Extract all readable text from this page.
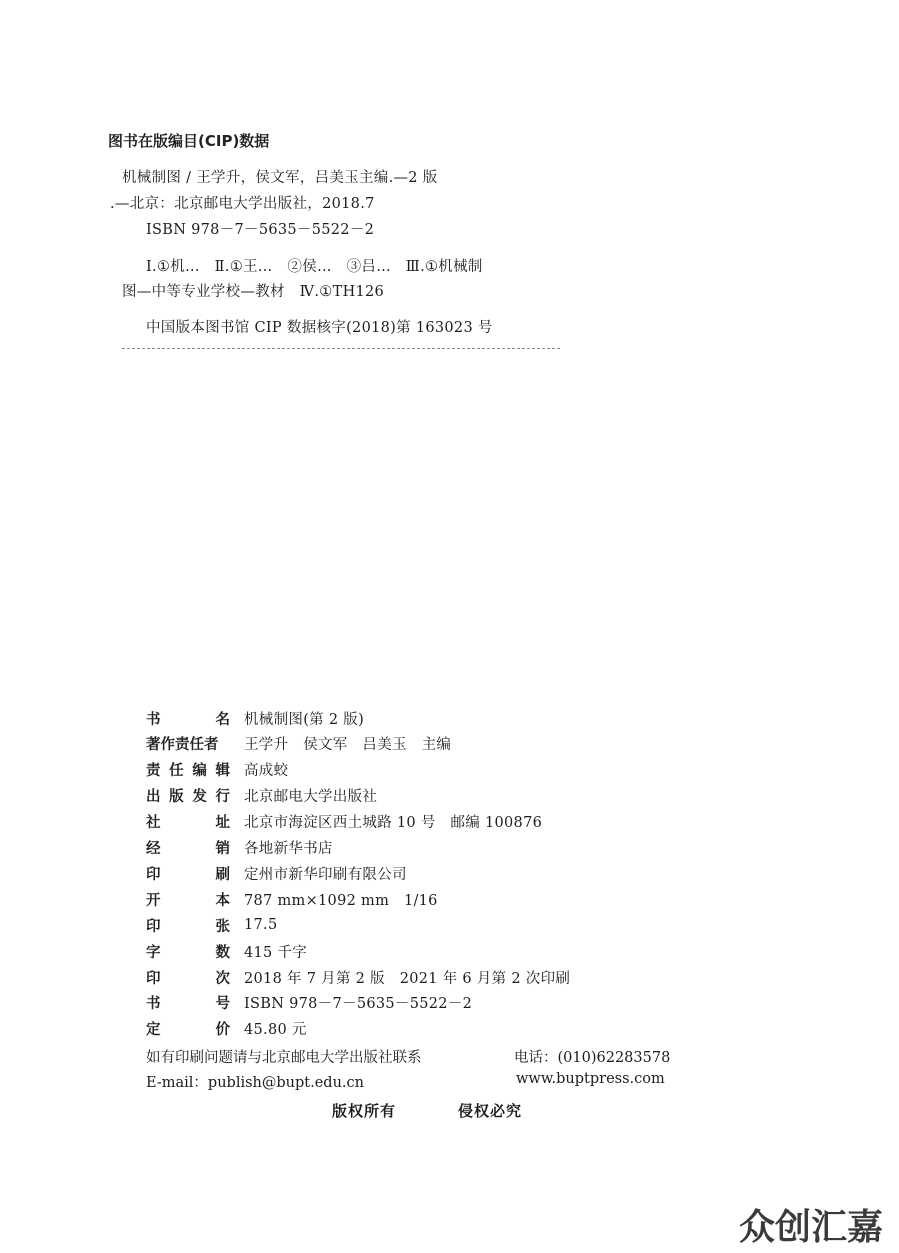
图书在版编目(CIP)数据
机械制图 / 王学升，侯文军，吕美玉主编.—2 版
.—北京：北京邮电大学出版社，2018.7
ISBN 978－7－5635－5522－2
Ⅰ.①机…　Ⅱ.①王…　②侯…　③吕…　Ⅲ.①机械制
图—中等专业学校—教材　Ⅳ.①TH126
中国版本图书馆 CIP 数据核字(2018)第 163023 号
书	名 机械制图(第 2 版)
著作责任者 王学升　侯文军　吕美玉　主编
责 任 编 辑 高成蛟
出 版 发 行 北京邮电大学出版社
社	址 北京市海淀区西土城路 10 号　邮编 100876
经	销 各地新华书店
印	刷 定州市新华印刷有限公司
开	本 787 mm×1092 mm　1/16
印	张 17.5
字	数 415 千字
印	次 2018 年 7 月第 2 版　2021 年 6 月第 2 次印刷
书	号 ISBN 978－7－5635－5522－2
定	价 45.80 元
如有印刷问题请与北京邮电大学出版社联系	电话：(010)62283578
E-mail：publish@bupt.edu.cn	www.buptpress.com
版权所有	侵权必究
众创汇嘉
